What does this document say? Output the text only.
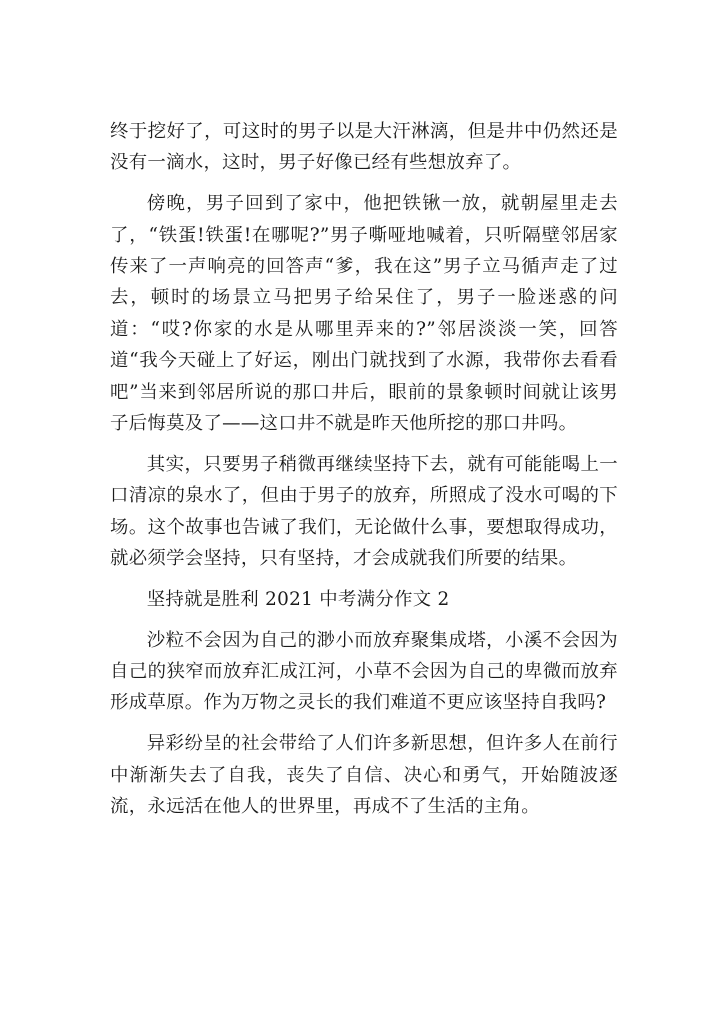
终于挖好了，可这时的男子以是大汗淋漓，但是井中仍然还是没有一滴水，这时，男子好像已经有些想放弃了。

傍晚，男子回到了家中，他把铁锹一放，就朝屋里走去了，“铁蛋!铁蛋!在哪呢?”男子嘶哑地喊着，只听隔壁邻居家传来了一声响亮的回答声“爹，我在这”男子立马循声走了过去，顿时的场景立马把男子给呆住了，男子一脸迷惑的问道：“哎?你家的水是从哪里弄来的?”邻居淡淡一笑，回答道“我今天碰上了好运，刚出门就找到了水源，我带你去看看吧”当来到邻居所说的那口井后，眼前的景象顿时间就让该男子后悔莫及了——这口井不就是昨天他所挖的那口井吗。

其实，只要男子稍微再继续坚持下去，就有可能能喝上一口清凉的泉水了，但由于男子的放弃，所照成了没水可喝的下场。这个故事也告诫了我们，无论做什么事，要想取得成功，就必须学会坚持，只有坚持，才会成就我们所要的结果。

坚持就是胜利 2021 中考满分作文 2

沙粒不会因为自己的渺小而放弃聚集成塔，小溪不会因为自己的狭窄而放弃汇成江河，小草不会因为自己的卑微而放弃形成草原。作为万物之灵长的我们难道不更应该坚持自我吗?

异彩纷呈的社会带给了人们许多新思想，但许多人在前行中渐渐失去了自我，丧失了自信、决心和勇气，开始随波逐流，永远活在他人的世界里，再成不了生活的主角。
